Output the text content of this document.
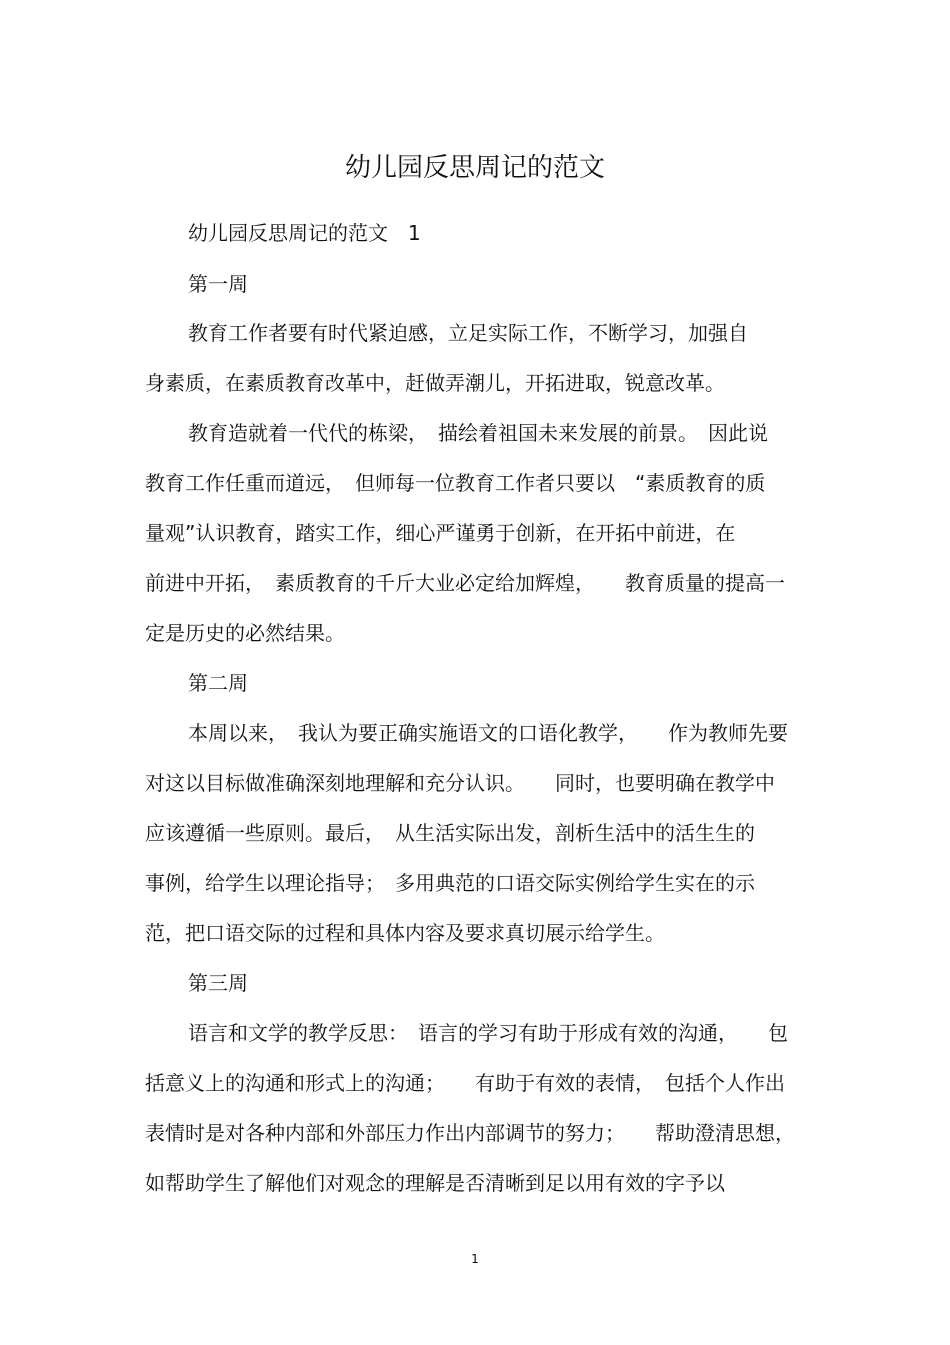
幼儿园反思周记的范文
幼儿园反思周记的范文　1
第一周
教育工作者要有时代紧迫感，立足实际工作，不断学习，加强自
身素质，在素质教育改革中，赶做弄潮儿，开拓进取，锐意改革。
教育造就着一代代的栋梁，　描绘着祖国未来发展的前景。　因此说
教育工作任重而道远，　但师每一位教育工作者只要以　“素质教育的质
量观”认识教育，踏实工作，细心严谨勇于创新，在开拓中前进，在
前进中开拓，　素质教育的千斤大业必定给加辉煌，　　教育质量的提高一
定是历史的必然结果。
第二周
本周以来，　我认为要正确实施语文的口语化教学，　　作为教师先要
对这以目标做准确深刻地理解和充分认识。　　同时，也要明确在教学中
应该遵循一些原则。最后，　从生活实际出发，剖析生活中的活生生的
事例，给学生以理论指导；　多用典范的口语交际实例给学生实在的示
范，把口语交际的过程和具体内容及要求真切展示给学生。
第三周
语言和文学的教学反思：　语言的学习有助于形成有效的沟通，　　包
括意义上的沟通和形式上的沟通；　　有助于有效的表情，　包括个人作出
表情时是对各种内部和外部压力作出内部调节的努力；　　帮助澄清思想，
如帮助学生了解他们对观念的理解是否清晰到足以用有效的字予以
1
